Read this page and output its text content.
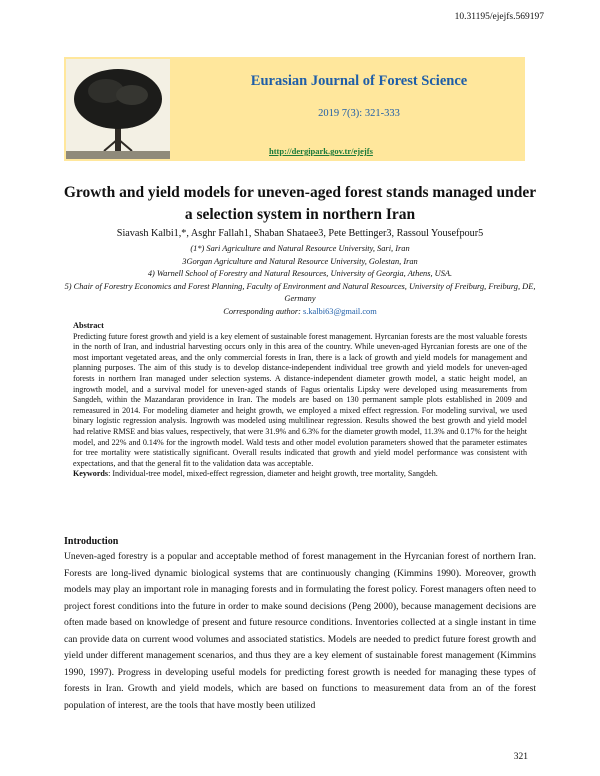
10.31195/ejejfs.569197
Eurasian Journal of Forest Science
2019 7(3): 321-333
http://dergipark.gov.tr/ejejfs
Growth and yield models for uneven-aged forest stands managed under a selection system in northern Iran
Siavash Kalbi1,*, Asghr Fallah1, Shaban Shataee3, Pete Bettinger3, Rassoul Yousefpour5
(1*) Sari Agriculture and Natural Resource University, Sari, Iran
3Gorgan Agriculture and Natural Resource University, Golestan, Iran
4) Warnell School of Forestry and Natural Resources, University of Georgia, Athens, USA.
5) Chair of Forestry Economics and Forest Planning, Faculty of Environment and Natural Resources, University of Freiburg, Freiburg, DE, Germany
Corresponding author: s.kalbi63@gmail.com
Abstract

Predicting future forest growth and yield is a key element of sustainable forest management. Hyrcanian forests are the most valuable forests in the north of Iran, and industrial harvesting occurs only in this area of the country. While uneven-aged Hyrcanian forests are one of the most important vegetated areas, and the only commercial forests in Iran, there is a lack of growth and yield models for management and planning purposes. The aim of this study is to develop distance-independent individual tree growth and yield models for uneven-aged forests in northern Iran managed under selection systems. A distance-independent diameter growth model, a static height model, an ingrowth model, and a survival model for uneven-aged stands of Fagus orientalis Lipsky were developed using measurements from Sangdeh, within the Mazandaran providence in Iran. The models are based on 130 permanent sample plots established in 2009 and remeasured in 2014. For modeling diameter and height growth, we employed a mixed effect regression. For modeling survival, we used binary logistic regression analysis. Ingrowth was modeled using multilinear regression. Results showed the best growth and yield model had relative RMSE and bias values, respectively, that were 31.9% and 6.3% for the diameter growth model, 11.3% and 0.17% for the height model, and 22% and 0.14% for the ingrowth model. Wald tests and other model evolution parameters showed that the parameter estimates for tree mortality were statistically significant. Overall results indicated that growth and yield model performance was consistent with expectations, and that the general fit to the validation data was acceptable.

Keywords: Individual-tree model, mixed-effect regression, diameter and height growth, tree mortality, Sangdeh.

Introduction

Uneven-aged forestry is a popular and acceptable method of forest management in the Hyrcanian forest of northern Iran. Forests are long-lived dynamic biological systems that are continuously changing (Kimmins 1990). Moreover, growth models may play an important role in managing forests and in formulating the forest policy. Forest managers often need to project forest conditions into the future in order to make sound decisions (Peng 2000), because management decisions are often made based on knowledge of present and future resource conditions. Inventories collected at a single instant in time can provide data on current wood volumes and associated statistics. Models are needed to predict future forest growth and yield under different management scenarios, and thus they are a key element of sustainable forest management (Kimmins 1990, 1997). Progress in developing useful models for predicting forest growth is needed for managing these types of forests in Iran. Growth and yield models, which are based on functions to measurement data from an of the forest population of interest, are the tools that have mostly been utilized

321
